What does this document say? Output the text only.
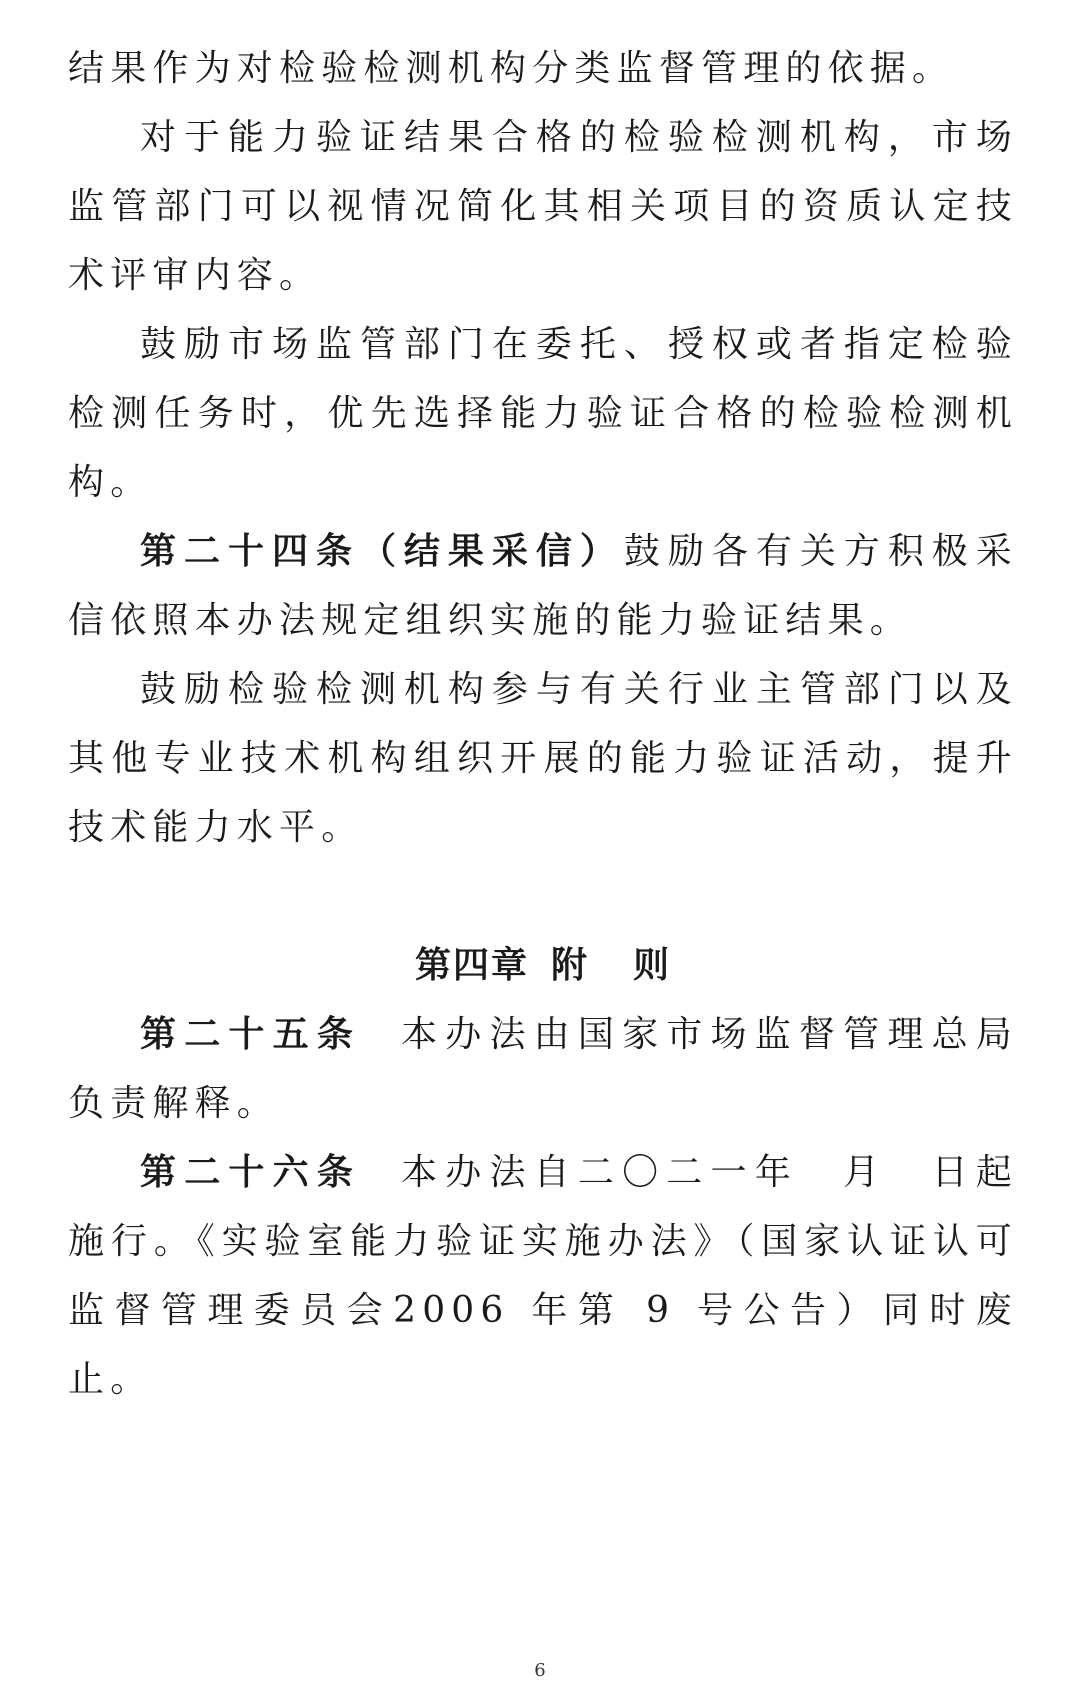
结果作为对检验检测机构分类监督管理的依据。

对于能力验证结果合格的检验检测机构，市场监管部门可以视情况简化其相关项目的资质认定技术评审内容。

鼓励市场监管部门在委托、授权或者指定检验检测任务时，优先选择能力验证合格的检验检测机构。

第二十四条（结果采信）鼓励各有关方积极采信依照本办法规定组织实施的能力验证结果。

鼓励检验检测机构参与有关行业主管部门以及其他专业技术机构组织开展的能力验证活动，提升技术能力水平。

第四章 附 则

第二十五条 本办法由国家市场监督管理总局负责解释。

第二十六条 本办法自二〇二一年　月　日起施行。《实验室能力验证实施办法》（国家认证认可监督管理委员会2006 年第 9 号公告）同时废止。

6
